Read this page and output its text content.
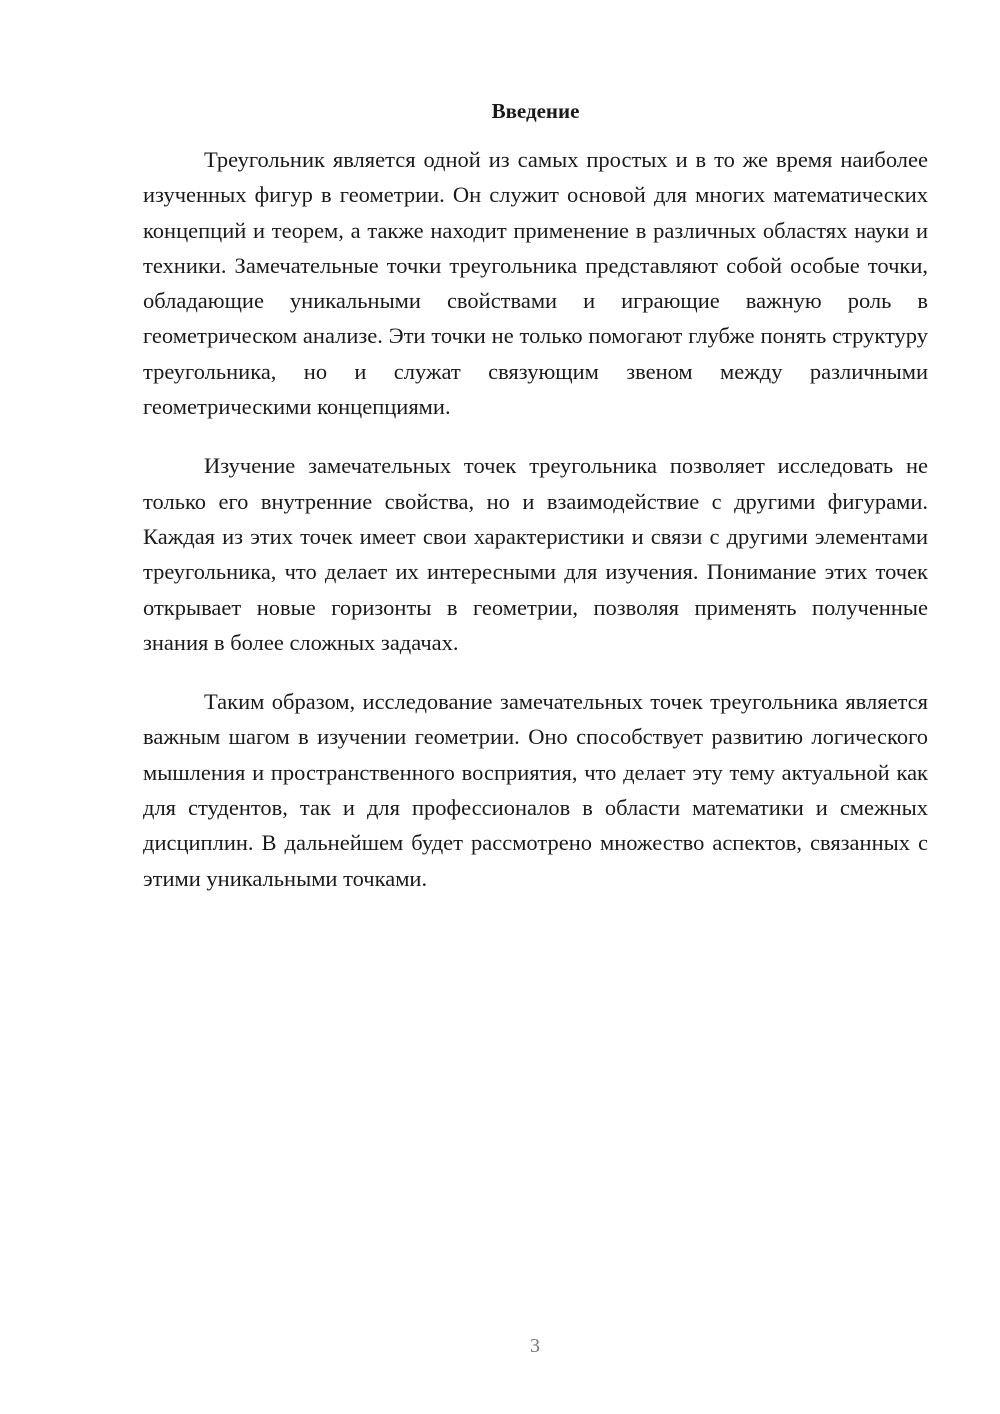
Введение

Треугольник является одной из самых простых и в то же время наиболее изученных фигур в геометрии. Он служит основой для многих математических концепций и теорем, а также находит применение в различных областях науки и техники. Замечательные точки треугольника представляют собой особые точки, обладающие уникальными свойствами и играющие важную роль в геометрическом анализе. Эти точки не только помогают глубже понять структуру треугольника, но и служат связующим звеном между различными геометрическими концепциями.

Изучение замечательных точек треугольника позволяет исследовать не только его внутренние свойства, но и взаимодействие с другими фигурами. Каждая из этих точек имеет свои характеристики и связи с другими элементами треугольника, что делает их интересными для изучения. Понимание этих точек открывает новые горизонты в геометрии, позволяя применять полученные знания в более сложных задачах.

Таким образом, исследование замечательных точек треугольника является важным шагом в изучении геометрии. Оно способствует развитию логического мышления и пространственного восприятия, что делает эту тему актуальной как для студентов, так и для профессионалов в области математики и смежных дисциплин. В дальнейшем будет рассмотрено множество аспектов, связанных с этими уникальными точками.

3
